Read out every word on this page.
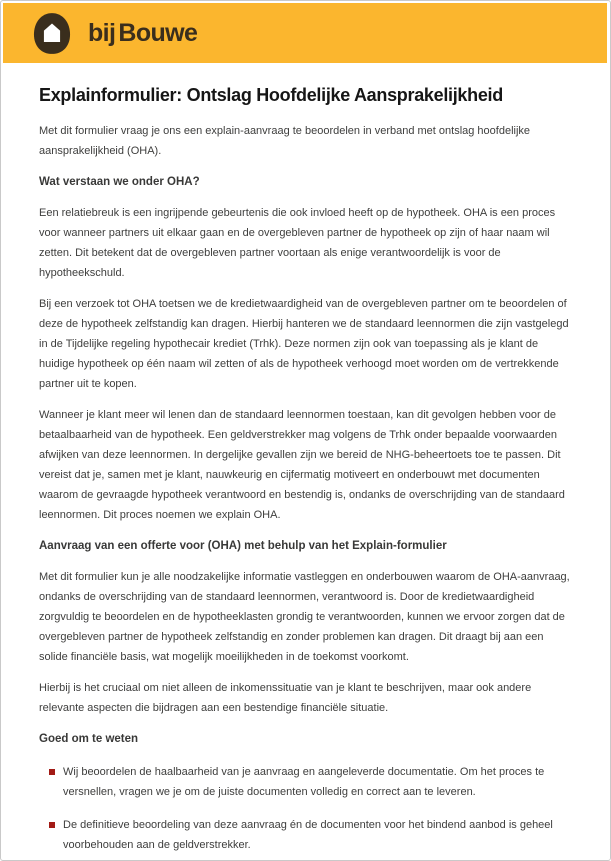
bij Bouwe
Explainformulier: Ontslag Hoofdelijke Aansprakelijkheid

Met dit formulier vraag je ons een explain-aanvraag te beoordelen in verband met ontslag hoofdelijke aansprakelijkheid (OHA).

Wat verstaan we onder OHA?

Een relatiebreuk is een ingrijpende gebeurtenis die ook invloed heeft op de hypotheek. OHA is een proces voor wanneer partners uit elkaar gaan en de overgebleven partner de hypotheek op zijn of haar naam wil zetten. Dit betekent dat de overgebleven partner voortaan als enige verantwoordelijk is voor de hypotheekschuld.

Bij een verzoek tot OHA toetsen we de kredietwaardigheid van de overgebleven partner om te beoordelen of deze de hypotheek zelfstandig kan dragen. Hierbij hanteren we de standaard leennormen die zijn vastgelegd in de Tijdelijke regeling hypothecair krediet (Trhk). Deze normen zijn ook van toepassing als je klant de huidige hypotheek op één naam wil zetten of als de hypotheek verhoogd moet worden om de vertrekkende partner uit te kopen.

Wanneer je klant meer wil lenen dan de standaard leennormen toestaan, kan dit gevolgen hebben voor de betaalbaarheid van de hypotheek. Een geldverstrekker mag volgens de Trhk onder bepaalde voorwaarden afwijken van deze leennormen. In dergelijke gevallen zijn we bereid de NHG-beheertoets toe te passen. Dit vereist dat je, samen met je klant, nauwkeurig en cijfermatig motiveert en onderbouwt met documenten waarom de gevraagde hypotheek verantwoord en bestendig is, ondanks de overschrijding van de standaard leennormen. Dit proces noemen we explain OHA.

Aanvraag van een offerte voor (OHA) met behulp van het Explain-formulier

Met dit formulier kun je alle noodzakelijke informatie vastleggen en onderbouwen waarom de OHA-aanvraag, ondanks de overschrijding van de standaard leennormen, verantwoord is. Door de kredietwaardigheid zorgvuldig te beoordelen en de hypotheeklasten grondig te verantwoorden, kunnen we ervoor zorgen dat de overgebleven partner de hypotheek zelfstandig en zonder problemen kan dragen. Dit draagt bij aan een solide financiële basis, wat mogelijk moeilijkheden in de toekomst voorkomt.

Hierbij is het cruciaal om niet alleen de inkomenssituatie van je klant te beschrijven, maar ook andere relevante aspecten die bijdragen aan een bestendige financiële situatie.

Goed om te weten
Wij beoordelen de haalbaarheid van je aanvraag en aangeleverde documentatie. Om het proces te versnellen, vragen we je om de juiste documenten volledig en correct aan te leveren.
De definitieve beoordeling van deze aanvraag én de documenten voor het bindend aanbod is geheel voorbehouden aan de geldverstrekker.
